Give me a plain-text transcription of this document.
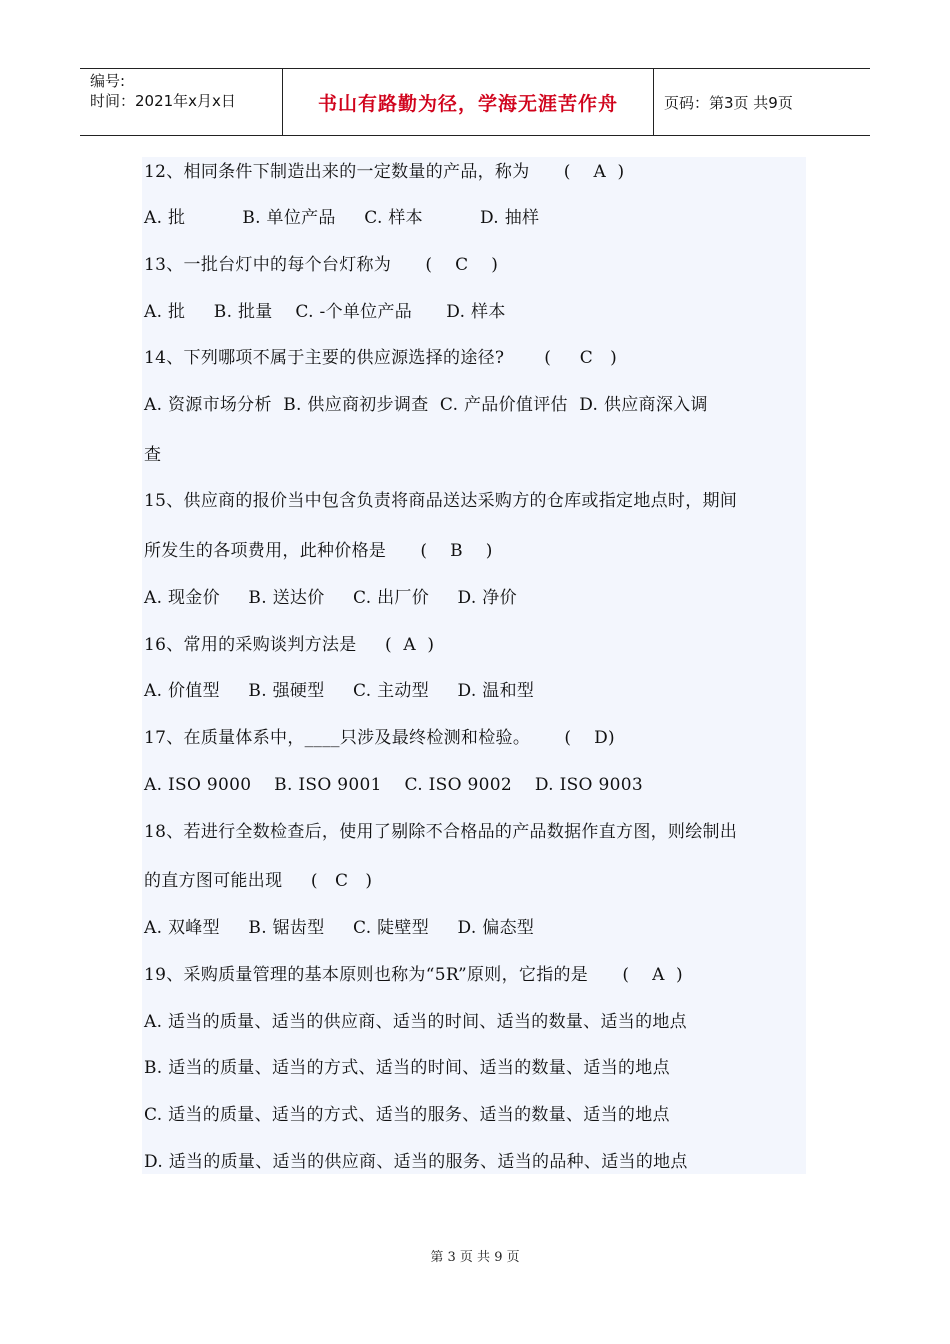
编号:
时间：2021年x月x日	书山有路勤为径，学海无涯苦作舟	页码：第3页 共9页
12、相同条件下制造出来的一定数量的产品，称为      (    A  )
A. 批          B. 单位产品     C. 样本          D. 抽样
13、一批台灯中的每个台灯称为      (    C    )
A. 批     B. 批量    C. -个单位产品      D. 样本
14、下列哪项不属于主要的供应源选择的途径?       (     C   )
A. 资源市场分析  B. 供应商初步调查  C. 产品价值评估  D. 供应商深入调
查
15、供应商的报价当中包含负责将商品送达采购方的仓库或指定地点时，期间
所发生的各项费用，此种价格是      (    B    )
A. 现金价     B. 送达价     C. 出厂价     D. 净价
16、常用的采购谈判方法是     (  A  )
A. 价值型     B. 强硬型     C. 主动型     D. 温和型
17、在质量体系中，____只涉及最终检测和检验。      (    D)
A. ISO 9000    B. ISO 9001    C. ISO 9002    D. ISO 9003
18、若进行全数检查后，使用了剔除不合格品的产品数据作直方图，则绘制出
的直方图可能出现     (   C   )
A. 双峰型     B. 锯齿型     C. 陡壁型     D. 偏态型
19、采购质量管理的基本原则也称为“5R”原则，它指的是      (    A  )
A. 适当的质量、适当的供应商、适当的时间、适当的数量、适当的地点
B. 适当的质量、适当的方式、适当的时间、适当的数量、适当的地点
C. 适当的质量、适当的方式、适当的服务、适当的数量、适当的地点
D. 适当的质量、适当的供应商、适当的服务、适当的品种、适当的地点
第 3 页 共 9 页
